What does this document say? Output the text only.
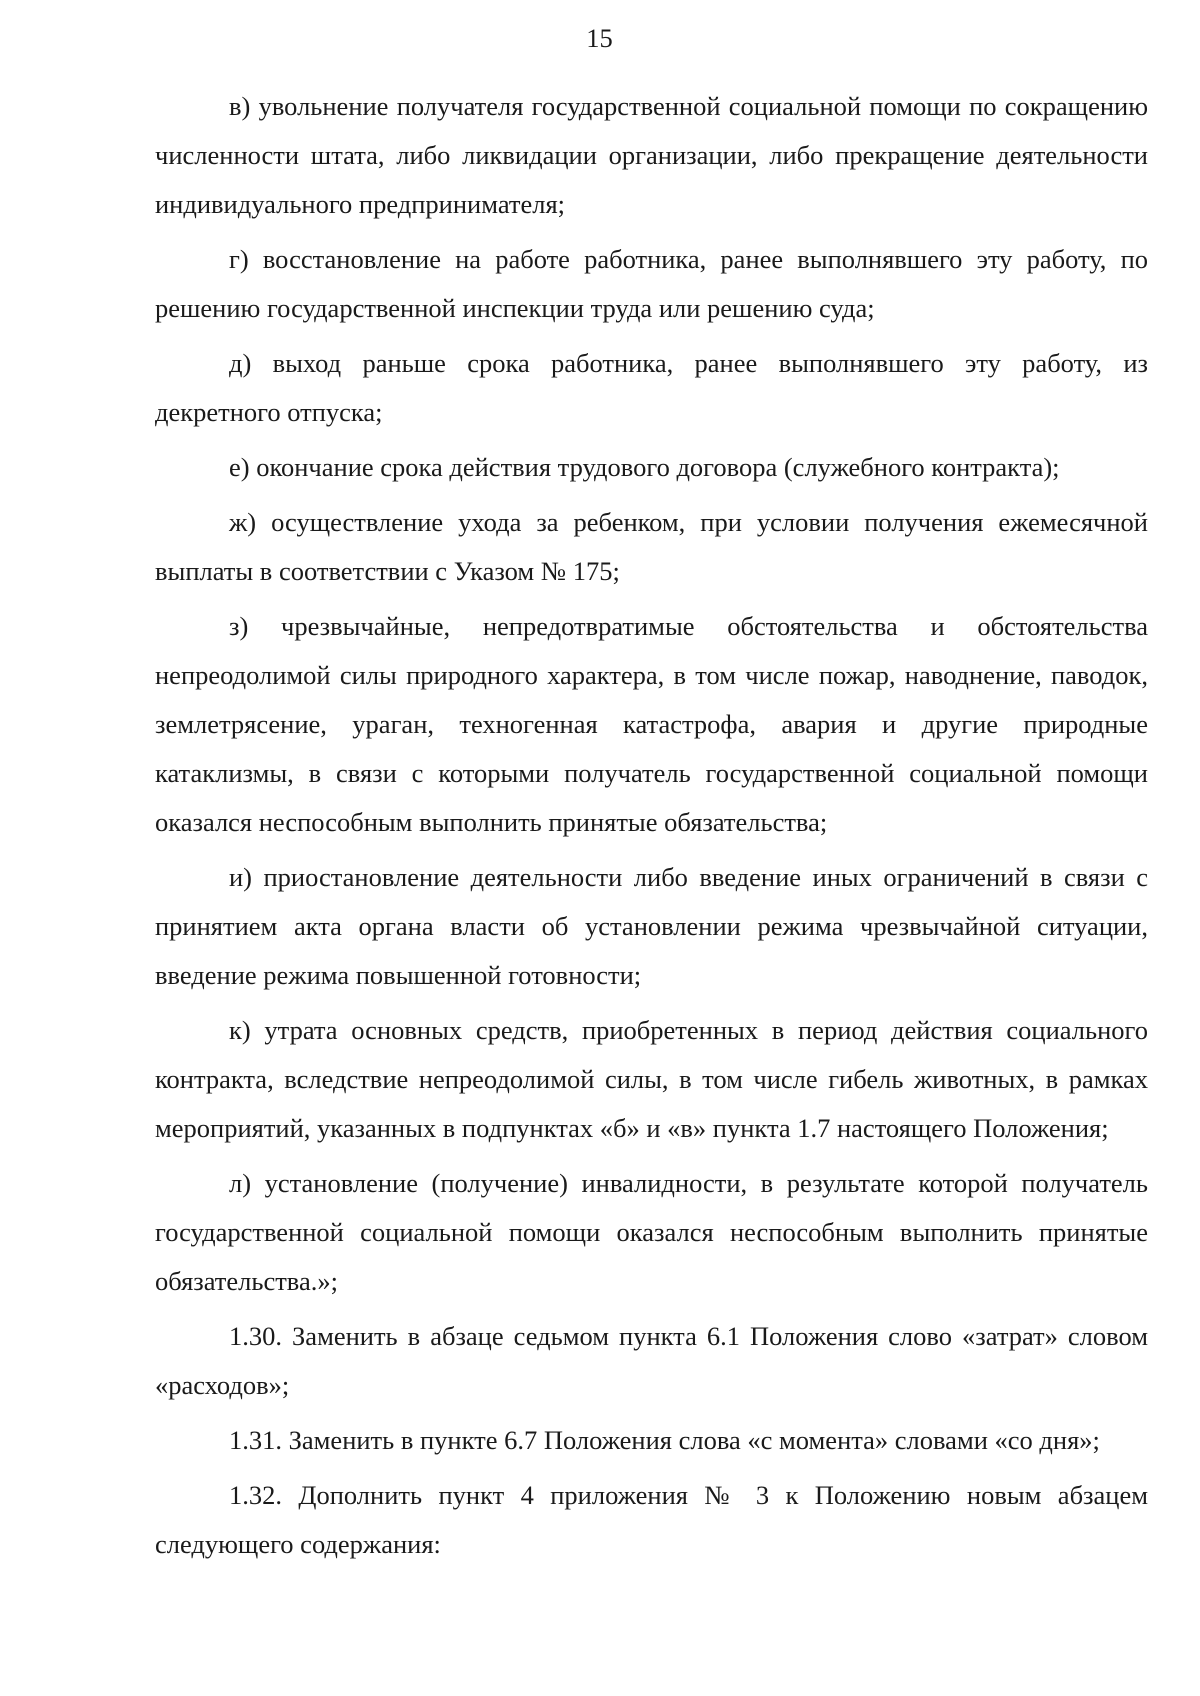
15

в) увольнение получателя государственной социальной помощи по сокращению численности штата, либо ликвидации организации, либо прекращение деятельности индивидуального предпринимателя;

г) восстановление на работе работника, ранее выполнявшего эту работу, по решению государственной инспекции труда или решению суда;

д) выход раньше срока работника, ранее выполнявшего эту работу, из декретного отпуска;

е) окончание срока действия трудового договора (служебного контракта);

ж) осуществление ухода за ребенком, при условии получения ежемесячной выплаты в соответствии с Указом № 175;

з) чрезвычайные, непредотвратимые обстоятельства и обстоятельства непреодолимой силы природного характера, в том числе пожар, наводнение, паводок, землетрясение, ураган, техногенная катастрофа, авария и другие природные катаклизмы, в связи с которыми получатель государственной социальной помощи оказался неспособным выполнить принятые обязательства;

и) приостановление деятельности либо введение иных ограничений в связи с принятием акта органа власти об установлении режима чрезвычайной ситуации, введение режима повышенной готовности;

к) утрата основных средств, приобретенных в период действия социального контракта, вследствие непреодолимой силы, в том числе гибель животных, в рамках мероприятий, указанных в подпунктах «б» и «в» пункта 1.7 настоящего Положения;

л) установление (получение) инвалидности, в результате которой получатель государственной социальной помощи оказался неспособным выполнить принятые обязательства.»;

1.30. Заменить в абзаце седьмом пункта 6.1 Положения слово «затрат» словом «расходов»;

1.31. Заменить в пункте 6.7 Положения слова «с момента» словами «со дня»;

1.32. Дополнить пункт 4 приложения № 3 к Положению новым абзацем следующего содержания:
